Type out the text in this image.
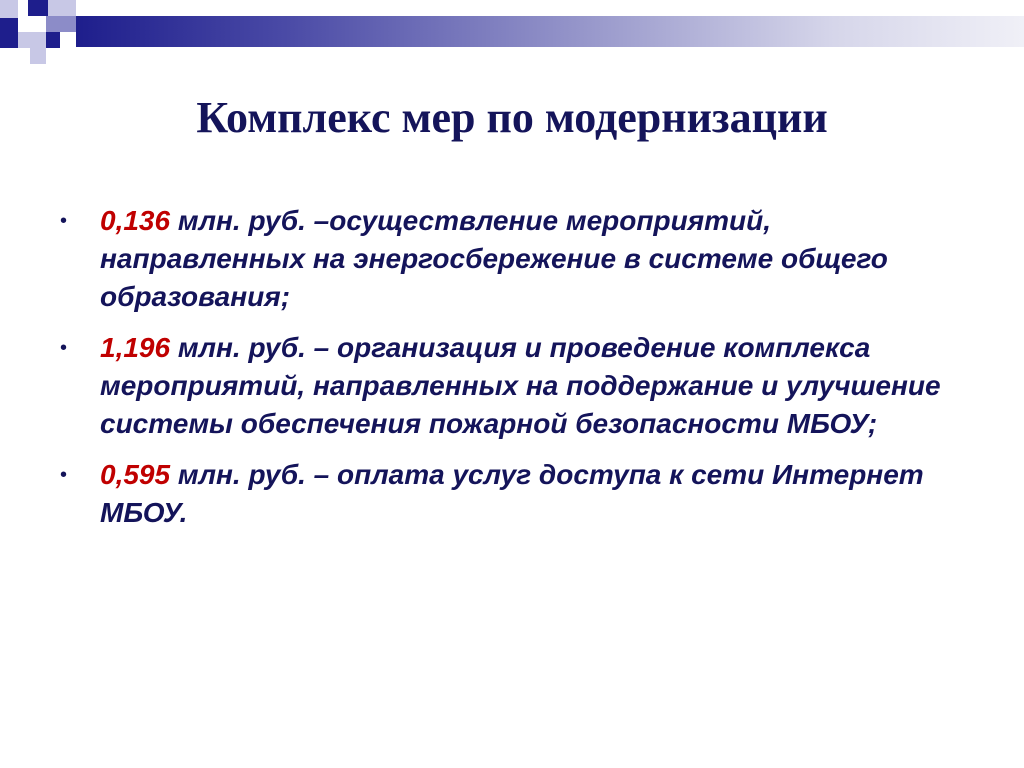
Комплекс мер по модернизации
• 0,136 млн. руб. –осуществление мероприятий, направленных на энергосбережение в системе общего образования;
• 1,196 млн. руб. – организация и проведение комплекса мероприятий, направленных на поддержание и улучшение системы обеспечения пожарной безопасности МБОУ;
• 0,595 млн. руб. – оплата услуг доступа к сети Интернет МБОУ.
